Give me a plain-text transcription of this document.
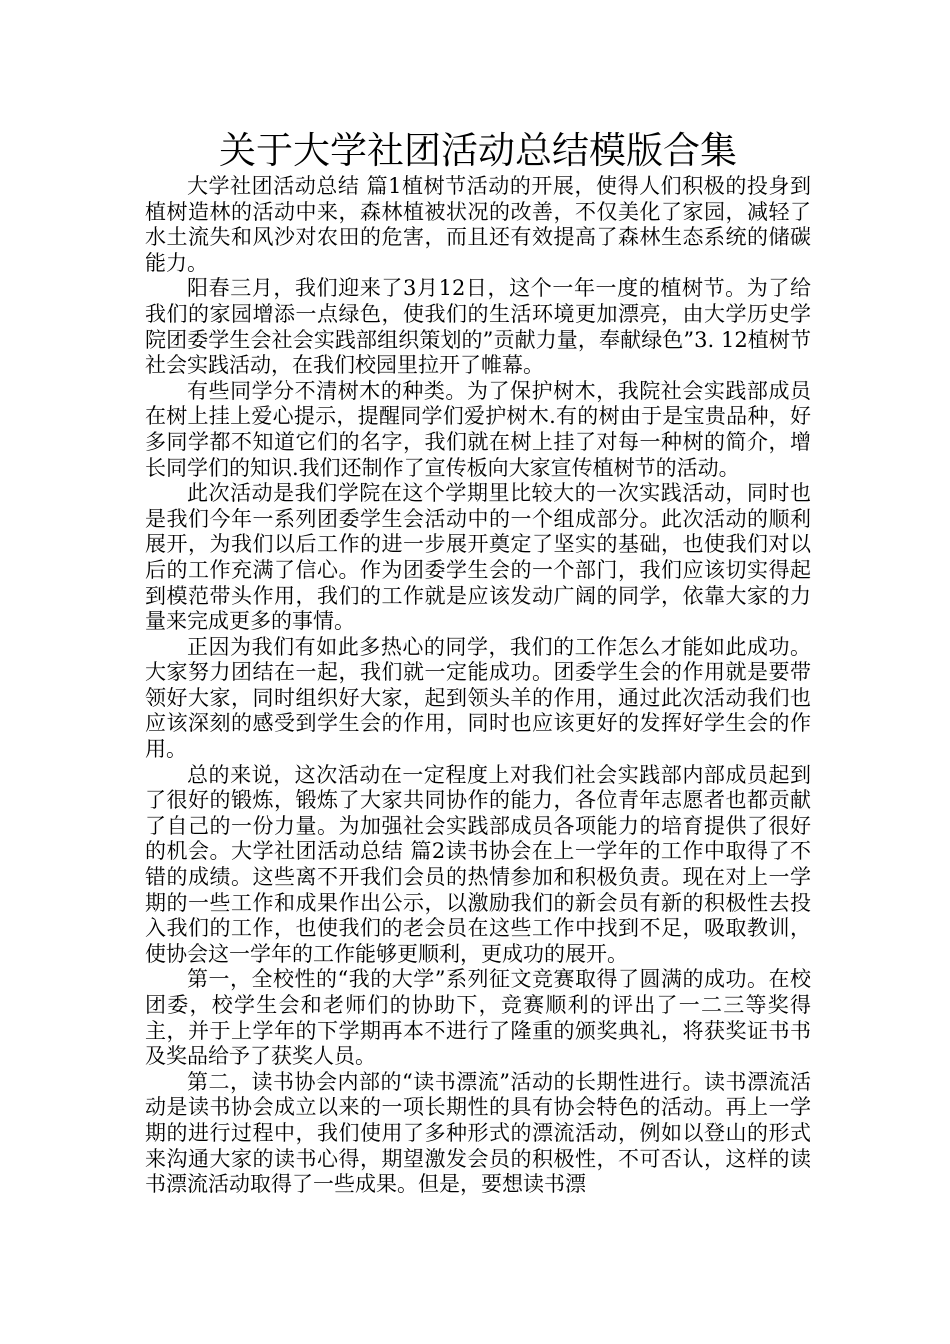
关于大学社团活动总结模版合集

大学社团活动总结 篇1植树节活动的开展，使得人们积极的投身到植树造林的活动中来，森林植被状况的改善，不仅美化了家园，减轻了水土流失和风沙对农田的危害，而且还有效提高了森林生态系统的储碳能力。

阳春三月，我们迎来了3月12日，这个一年一度的植树节。为了给我们的家园增添一点绿色，使我们的生活环境更加漂亮，由大学历史学院团委学生会社会实践部组织策划的”贡献力量，奉献绿色”3. 12植树节社会实践活动，在我们校园里拉开了帷幕。

有些同学分不清树木的种类。为了保护树木，我院社会实践部成员在树上挂上爱心提示，提醒同学们爱护树木.有的树由于是宝贵品种，好多同学都不知道它们的名字，我们就在树上挂了对每一种树的简介，增长同学们的知识.我们还制作了宣传板向大家宣传植树节的活动。

此次活动是我们学院在这个学期里比较大的一次实践活动，同时也是我们今年一系列团委学生会活动中的一个组成部分。此次活动的顺利展开，为我们以后工作的进一步展开奠定了坚实的基础，也使我们对以后的工作充满了信心。作为团委学生会的一个部门，我们应该切实得起到模范带头作用，我们的工作就是应该发动广阔的同学，依靠大家的力量来完成更多的事情。

正因为我们有如此多热心的同学，我们的工作怎么才能如此成功。大家努力团结在一起，我们就一定能成功。团委学生会的作用就是要带领好大家，同时组织好大家，起到领头羊的作用，通过此次活动我们也应该深刻的感受到学生会的作用，同时也应该更好的发挥好学生会的作用。

总的来说，这次活动在一定程度上对我们社会实践部内部成员起到了很好的锻炼，锻炼了大家共同协作的能力，各位青年志愿者也都贡献了自己的一份力量。为加强社会实践部成员各项能力的培育提供了很好的机会。大学社团活动总结 篇2读书协会在上一学年的工作中取得了不错的成绩。这些离不开我们会员的热情参加和积极负责。现在对上一学期的一些工作和成果作出公示，以激励我们的新会员有新的积极性去投入我们的工作，也使我们的老会员在这些工作中找到不足，吸取教训，使协会这一学年的工作能够更顺利，更成功的展开。

第一，全校性的“我的大学”系列征文竞赛取得了圆满的成功。在校团委，校学生会和老师们的协助下，竞赛顺利的评出了一二三等奖得主，并于上学年的下学期再本不进行了隆重的颁奖典礼，将获奖证书书及奖品给予了获奖人员。

第二，读书协会内部的“读书漂流”活动的长期性进行。读书漂流活动是读书协会成立以来的一项长期性的具有协会特色的活动。再上一学期的进行过程中，我们使用了多种形式的漂流活动，例如以登山的形式来沟通大家的读书心得，期望激发会员的积极性，不可否认，这样的读书漂流活动取得了一些成果。但是，要想读书漂
